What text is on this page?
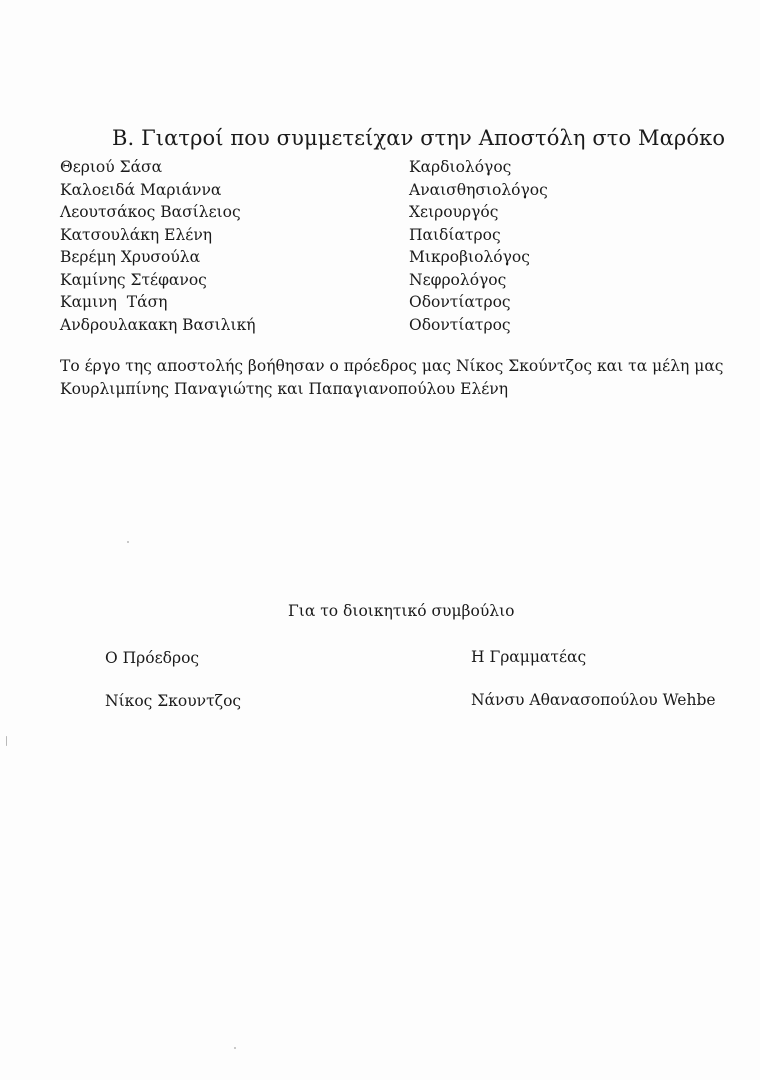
Β. Γιατροί που συμμετείχαν στην Αποστόλη στο Μαρόκο
Θεριού Σάσα	Καρδιολόγος
Καλοειδά Μαριάννα	Αναισθησιολόγος
Λεουτσάκος Βασίλειος	Χειρουργός
Κατσουλάκη Ελένη	Παιδίατρος
Βερέμη Χρυσούλα	Μικροβιολόγος
Καμίνης Στέφανος	Νεφρολόγος
Καμινη  Τάση	Οδοντίατρος
Ανδρουλακακη Βασιλική	Οδοντίατρος
Το έργο της αποστολής βοήθησαν ο πρόεδρος μας Νίκος Σκούντζος και τα μέλη μας
Κουρλιμπίνης Παναγιώτης και Παπαγιανοπούλου Ελένη
Για το διοικητικό συμβούλιο
Ο Πρόεδρος	Η Γραμματέας
Νίκος Σκουντζος	Νάνσυ Αθανασοπούλου Wehbe
